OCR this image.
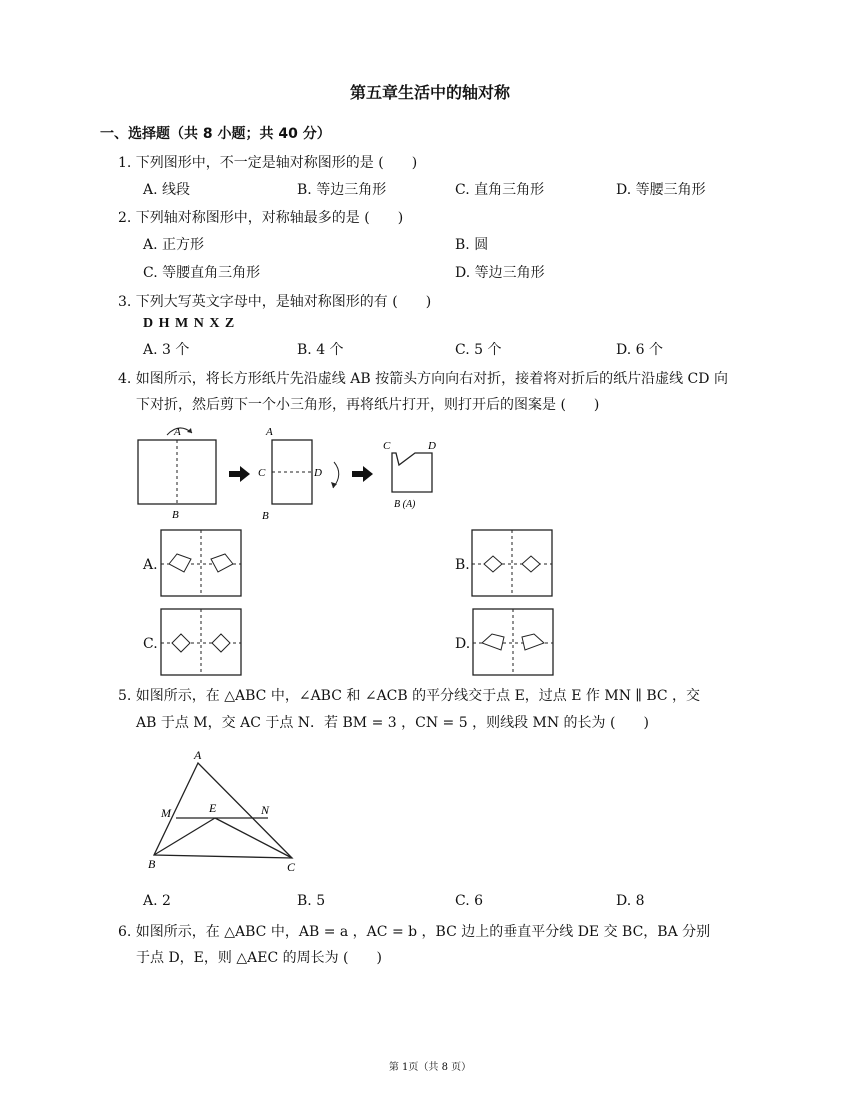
第五章生活中的轴对称
一、选择题（共 8 小题；共 40 分）
1. 下列图形中，不一定是轴对称图形的是 (　　)
A. 线段	B. 等边三角形	C. 直角三角形	D. 等腰三角形
2. 下列轴对称图形中，对称轴最多的是 (　　)
A. 正方形	B. 圆
C. 等腰直角三角形	D. 等边三角形
3. 下列大写英文字母中，是轴对称图形的有 (　　)
D H M N X Z
A. 3 个	B. 4 个	C. 5 个	D. 6 个
4. 如图所示，将长方形纸片先沿虚线 AB 按箭头方向向右对折，接着将对折后的纸片沿虚线 CD 向
下对折，然后剪下一个小三角形，再将纸片打开，则打开后的图案是 (　　)
A
B
A
C	D
B
C	D
B (A)
A.	B.
C.	D.
5. 如图所示，在 △ABC 中，∠ABC 和 ∠ACB 的平分线交于点 E，过点 E 作 MN ∥ BC ，交
AB 于点 M，交 AC 于点 N．若 BM = 3 ，CN = 5 ，则线段 MN 的长为 (　　)
A
M	E	N
B	C
A. 2	B. 5	C. 6	D. 8
6. 如图所示，在 △ABC 中，AB = a ，AC = b ，BC 边上的垂直平分线 DE 交 BC，BA 分别
于点 D，E，则 △AEC 的周长为 (　　)
第 1页（共 8 页）
